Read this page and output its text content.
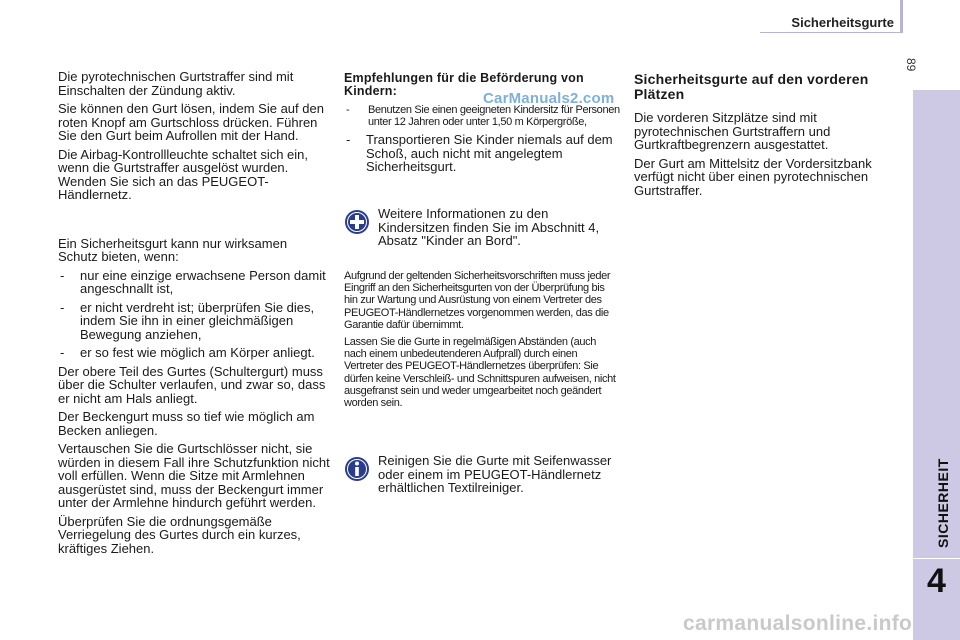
Sicherheitsgurte
89
SICHERHEIT
4

Die pyrotechnischen Gurtstraffer sind mit Einschalten der Zündung aktiv.

Sie können den Gurt lösen, indem Sie auf den roten Knopf am Gurtschloss drücken. Führen Sie den Gurt beim Aufrollen mit der Hand.

Die Airbag-Kontrollleuchte schaltet sich ein, wenn die Gurtstraffer ausgelöst wurden. Wenden Sie sich an das PEUGEOT-Händlernetz.

Ein Sicherheitsgurt kann nur wirksamen Schutz bieten, wenn:

- nur eine einzige erwachsene Person damit angeschnallt ist,
- er nicht verdreht ist; überprüfen Sie dies, indem Sie ihn in einer gleichmäßigen Bewegung anziehen,
- er so fest wie möglich am Körper anliegt.

Der obere Teil des Gurtes (Schultergurt) muss über die Schulter verlaufen, und zwar so, dass er nicht am Hals anliegt.

Der Beckengurt muss so tief wie möglich am Becken anliegen.

Vertauschen Sie die Gurtschlösser nicht, sie würden in diesem Fall ihre Schutzfunktion nicht voll erfüllen. Wenn die Sitze mit Armlehnen ausgerüstet sind, muss der Beckengurt immer unter der Armlehne hindurch geführt werden.

Überprüfen Sie die ordnungsgemäße Verriegelung des Gurtes durch ein kurzes, kräftiges Ziehen.

Empfehlungen für die Beförderung von Kindern:
- Benutzen Sie einen geeigneten Kindersitz für Personen unter 12 Jahren oder unter 1,50 m Körpergröße,
- Transportieren Sie Kinder niemals auf dem Schoß, auch nicht mit angelegtem Sicherheitsgurt.
CarManuals2.com
Weitere Informationen zu den Kindersitzen finden Sie im Abschnitt 4, Absatz "Kinder an Bord".

Aufgrund der geltenden Sicherheitsvorschriften muss jeder Eingriff an den Sicherheitsgurten von der Überprüfung bis hin zur Wartung und Ausrüstung von einem Vertreter des PEUGEOT-Händlernetzes vorgenommen werden, das die Garantie dafür übernimmt.

Lassen Sie die Gurte in regelmäßigen Abständen (auch nach einem unbedeutenderen Aufprall) durch einen Vertreter des PEUGEOT-Händlernetzes überprüfen: Sie dürfen keine Verschleiß- und Schnittspuren aufweisen, nicht ausgefranst sein und weder umgearbeitet noch geändert worden sein.

Reinigen Sie die Gurte mit Seifenwasser oder einem im PEUGEOT-Händlernetz erhältlichen Textilreiniger.
Sicherheitsgurte auf den vorderen Plätzen

Die vorderen Sitzplätze sind mit pyrotechnischen Gurtstraffern und Gurtkraftbegrenzern ausgestattet.

Der Gurt am Mittelsitz der Vordersitzbank verfügt nicht über einen pyrotechnischen Gurtstraffer.

carmanualsonline.info
